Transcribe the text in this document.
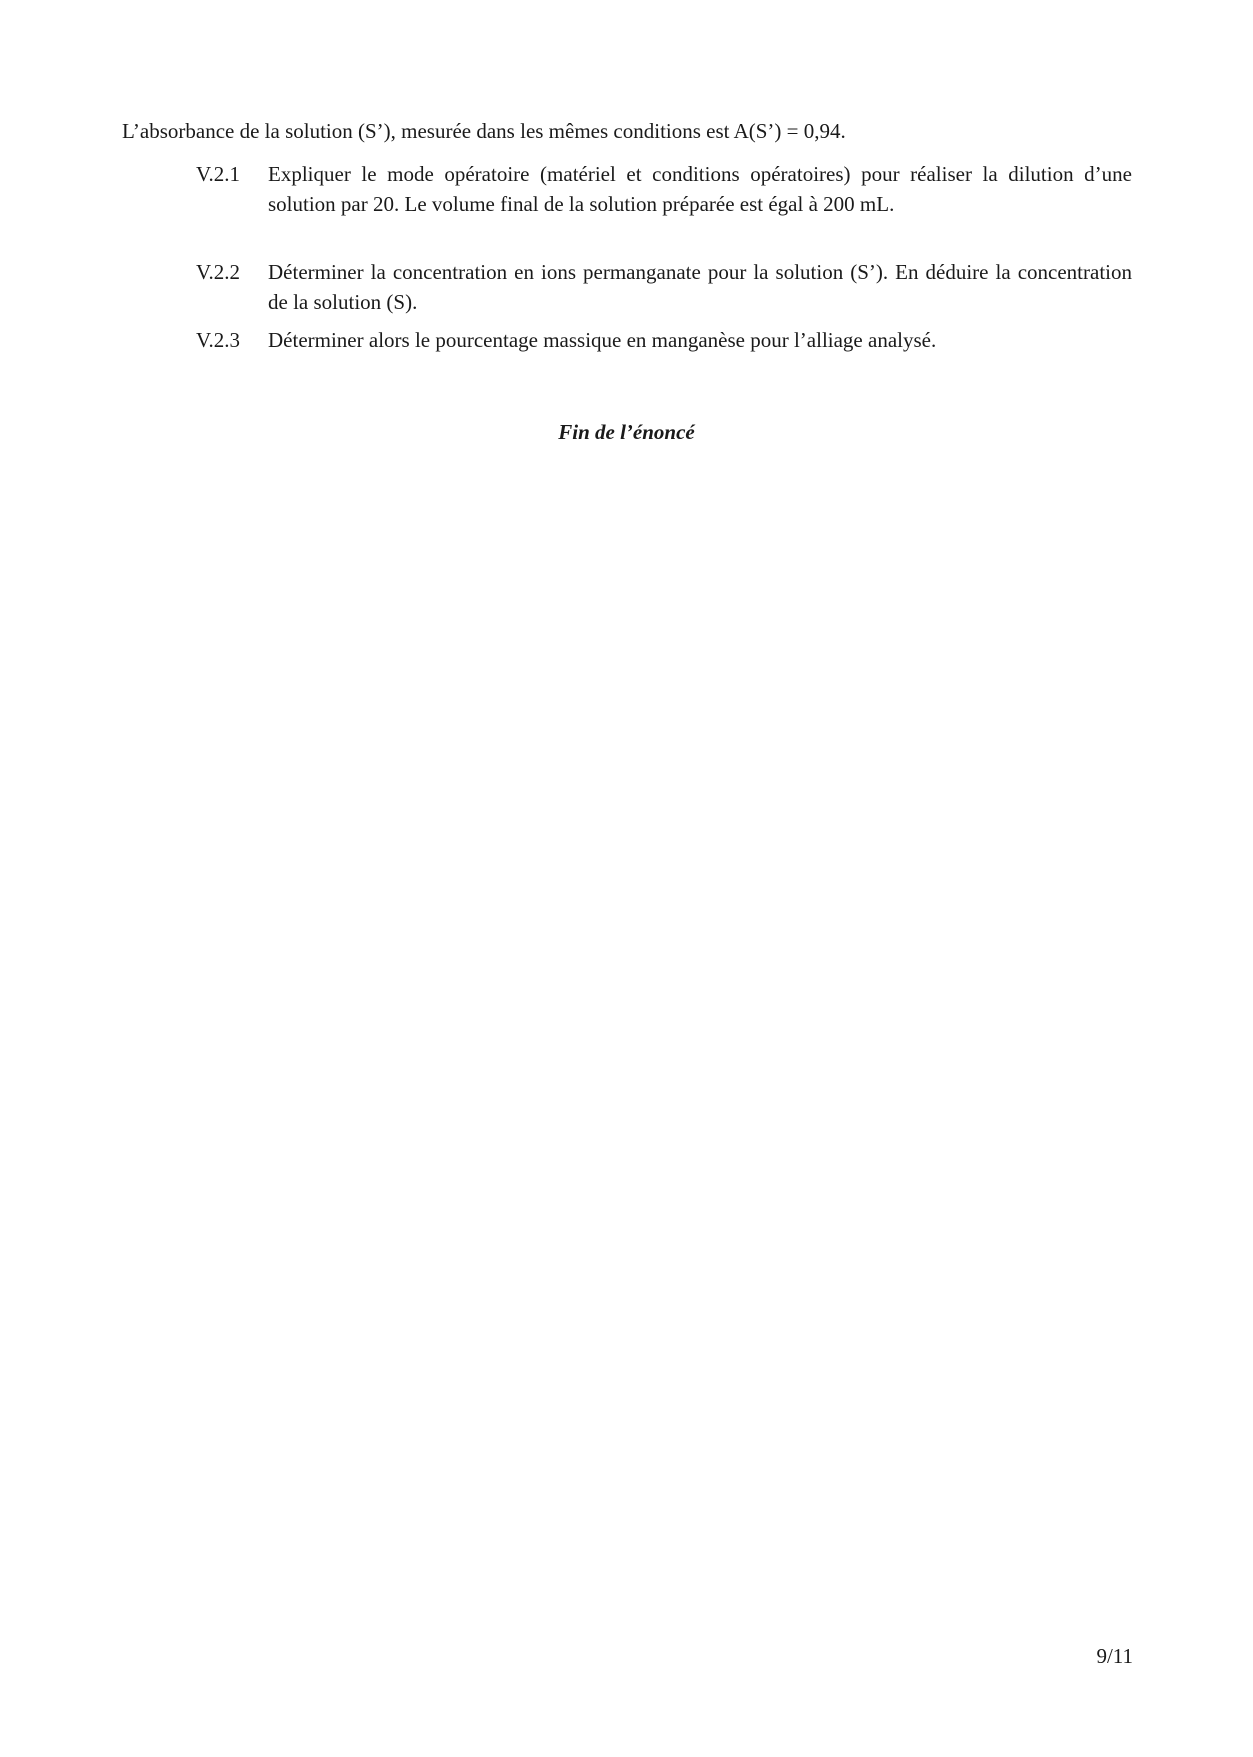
L’absorbance de la solution (S’), mesurée dans les mêmes conditions est A(S’) = 0,94.

V.2.1	Expliquer le mode opératoire (matériel et conditions opératoires) pour réaliser la dilution d’une solution par 20. Le volume final de la solution préparée est égal à 200 mL.
V.2.2	Déterminer la concentration en ions permanganate pour la solution (S’). En déduire la concentration de la solution (S).
V.2.3	Déterminer alors le pourcentage massique en manganèse pour l’alliage analysé.
Fin de l’énoncé
9/11
